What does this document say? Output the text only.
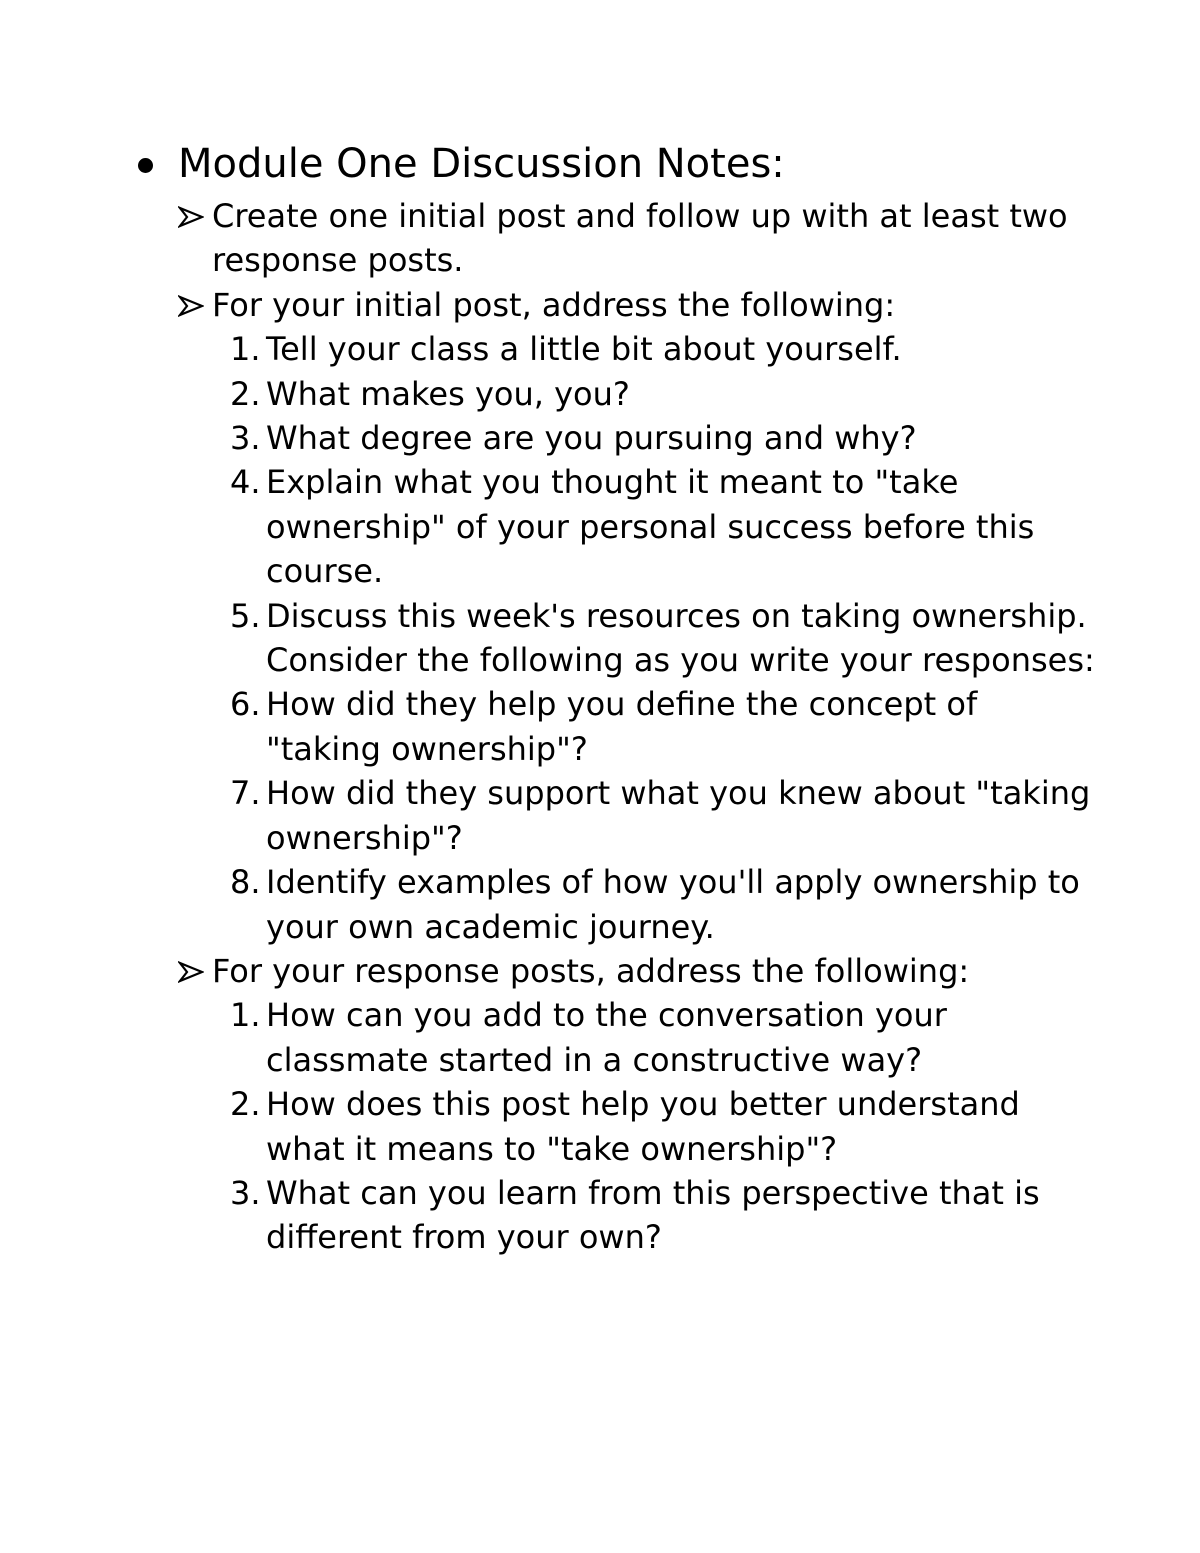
Module One Discussion Notes:
Create one initial post and follow up with at least two response posts.
For your initial post, address the following:
1. Tell your class a little bit about yourself.
2. What makes you, you?
3. What degree are you pursuing and why?
4. Explain what you thought it meant to "take ownership" of your personal success before this course.
5. Discuss this week's resources on taking ownership. Consider the following as you write your responses:
6. How did they help you define the concept of "taking ownership"?
7. How did they support what you knew about "taking ownership"?
8. Identify examples of how you'll apply ownership to your own academic journey.
For your response posts, address the following:
1. How can you add to the conversation your classmate started in a constructive way?
2. How does this post help you better understand what it means to "take ownership"?
3. What can you learn from this perspective that is different from your own?
